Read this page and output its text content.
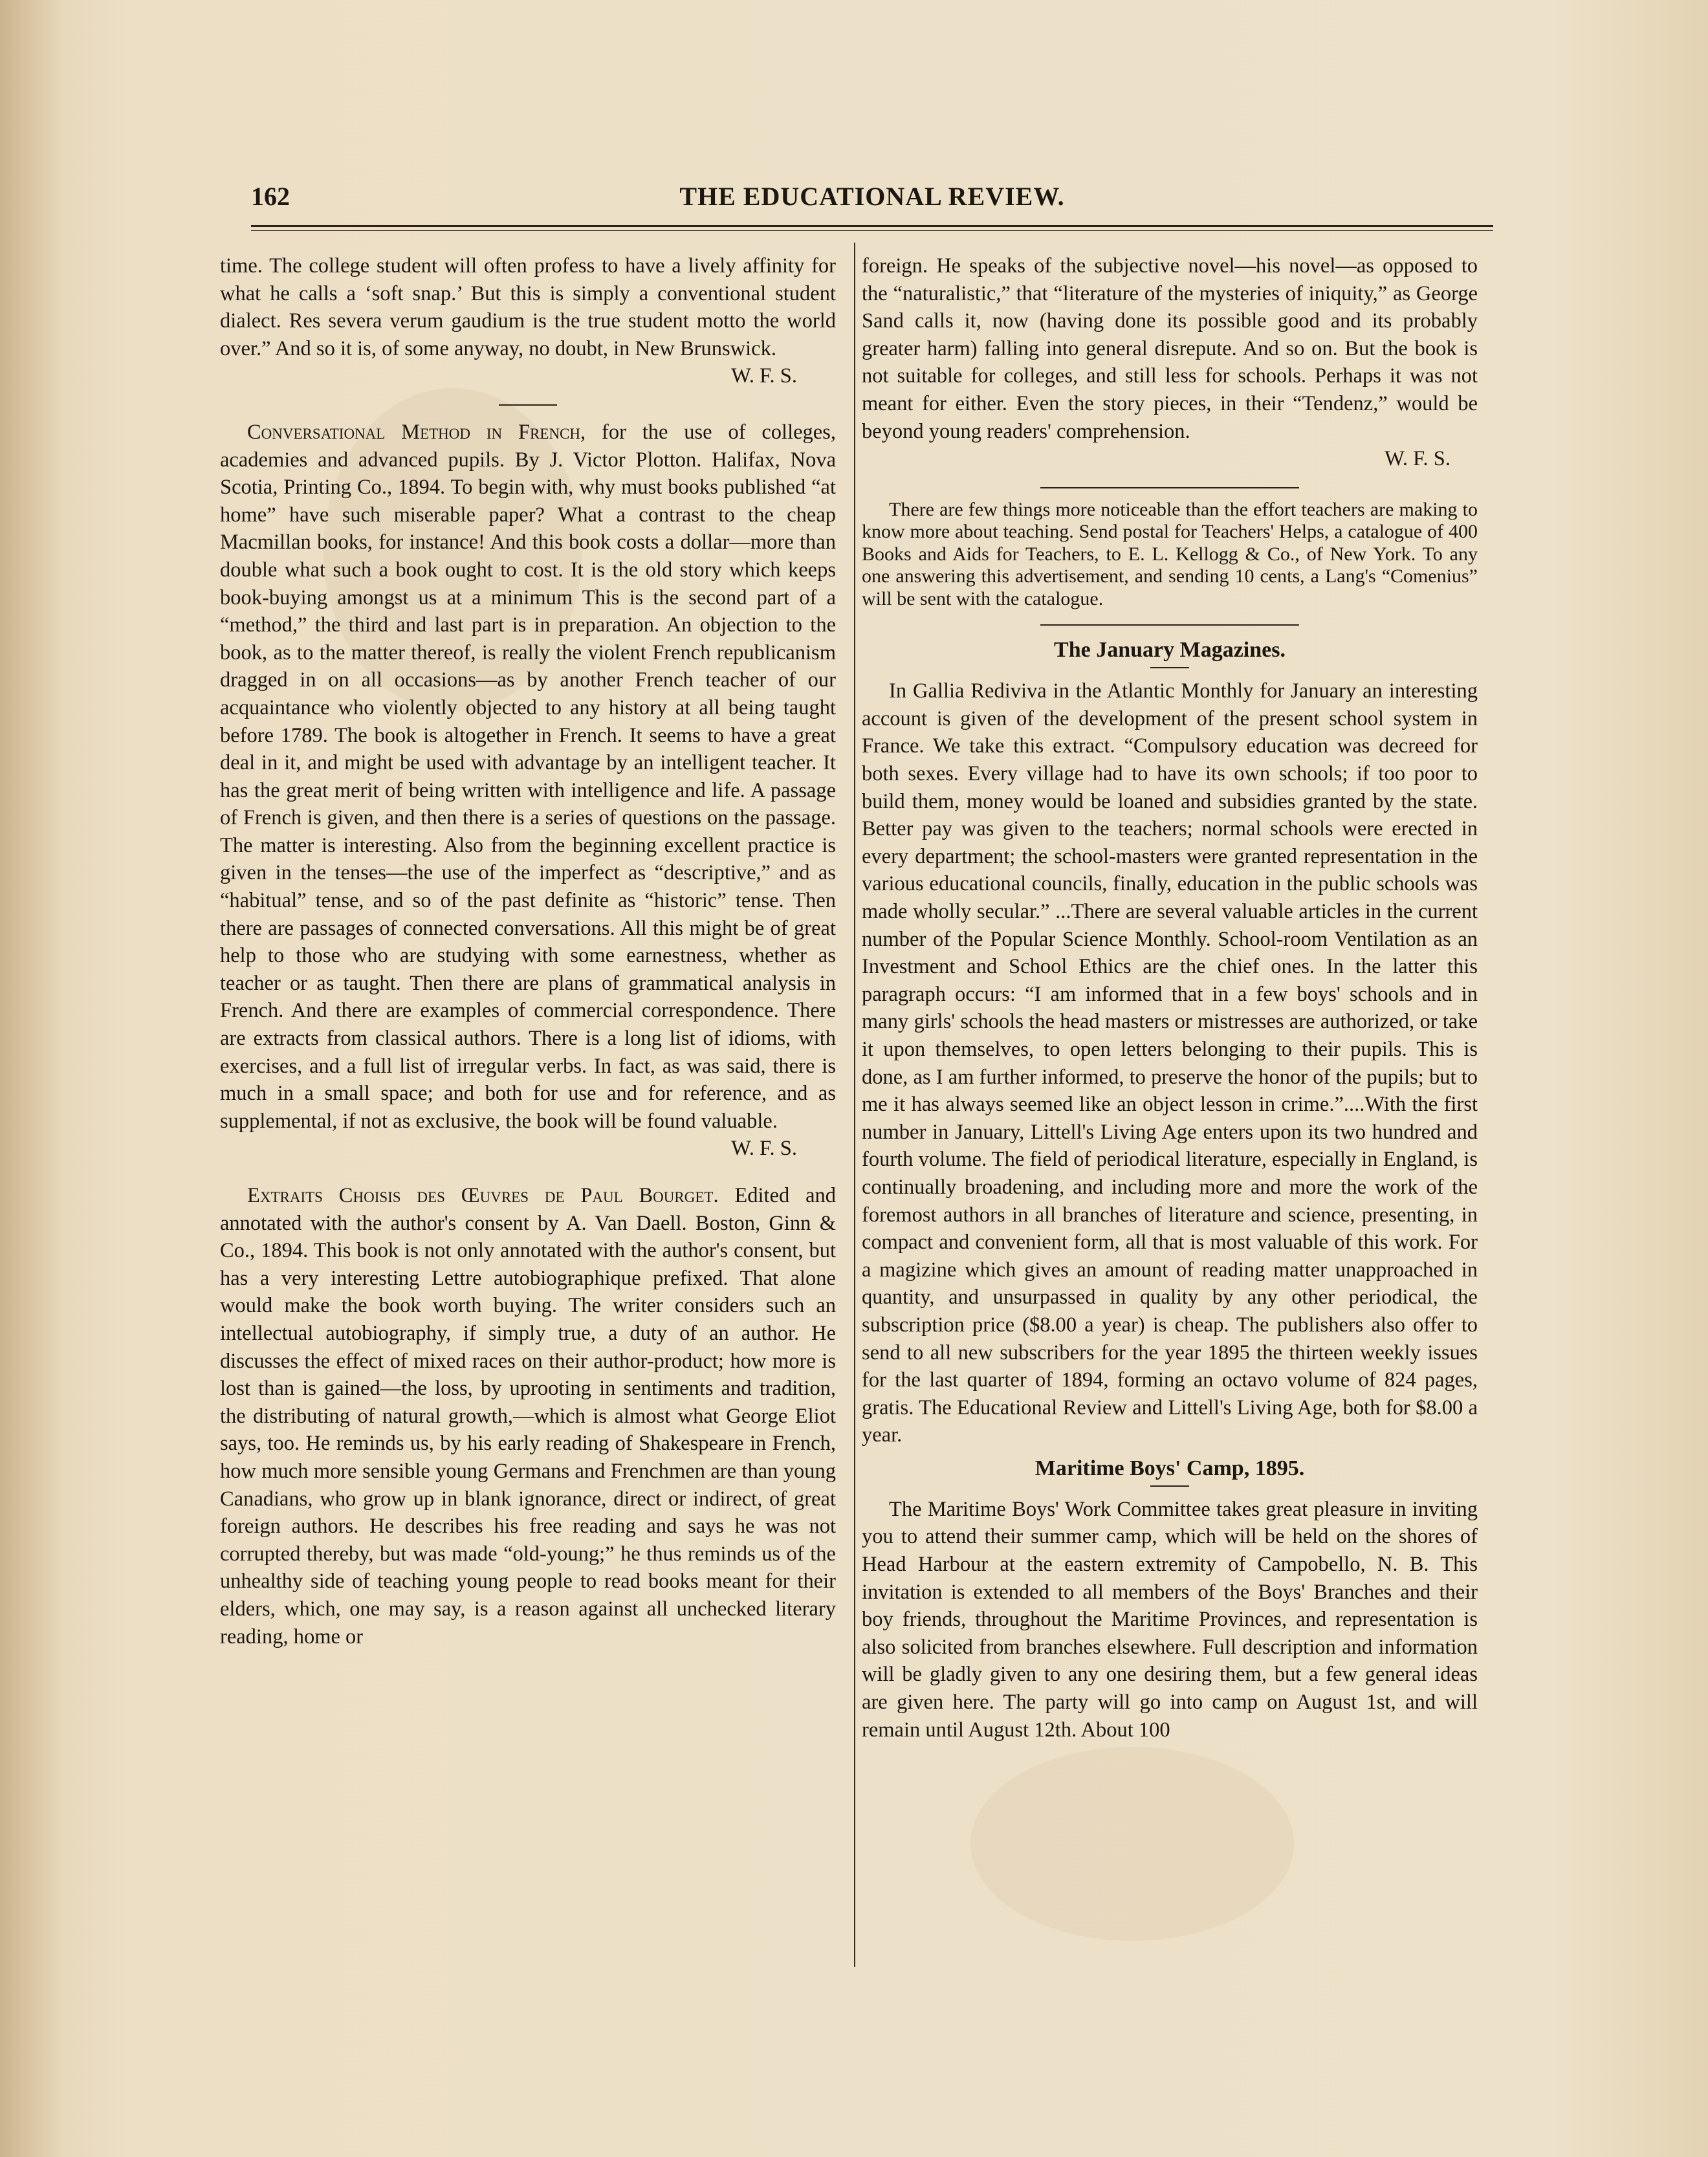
THE EDUCATIONAL REVIEW.
162

time. The college student will often profess to have a lively affinity for what he calls a ‘soft snap.’ But this is simply a conventional student dialect. Res severa verum gaudium is the true student motto the world over.” And so it is, of some anyway, no doubt, in New Brunswick.

W. F. S.

Conversational Method in French, for the use of colleges, academies and advanced pupils. By J. Victor Plotton. Halifax, Nova Scotia, Printing Co., 1894. To begin with, why must books published “at home” have such miserable paper? What a contrast to the cheap Macmillan books, for instance! And this book costs a dollar—more than double what such a book ought to cost. It is the old story which keeps book-buying amongst us at a minimum This is the second part of a “method,” the third and last part is in preparation. An objection to the book, as to the matter thereof, is really the violent French republicanism dragged in on all occasions—as by another French teacher of our acquaintance who violently objected to any history at all being taught before 1789. The book is altogether in French. It seems to have a great deal in it, and might be used with advantage by an intelligent teacher. It has the great merit of being written with intelligence and life. A passage of French is given, and then there is a series of questions on the passage. The matter is interesting. Also from the beginning excellent practice is given in the tenses—the use of the imperfect as “descriptive,” and as “habitual” tense, and so of the past definite as “historic” tense. Then there are passages of connected conversations. All this might be of great help to those who are studying with some earnestness, whether as teacher or as taught. Then there are plans of grammatical analysis in French. And there are examples of commercial correspondence. There are extracts from classical authors. There is a long list of idioms, with exercises, and a full list of irregular verbs. In fact, as was said, there is much in a small space; and both for use and for reference, and as supplemental, if not as exclusive, the book will be found valuable.

W. F. S.

Extraits Choisis des Œuvres de Paul Bourget. Edited and annotated with the author's consent by A. Van Daell. Boston, Ginn & Co., 1894. This book is not only annotated with the author's consent, but has a very interesting Lettre autobiographique prefixed. That alone would make the book worth buying. The writer considers such an intellectual autobiography, if simply true, a duty of an author. He discusses the effect of mixed races on their author-product; how more is lost than is gained—the loss, by uprooting in sentiments and tradition, the distributing of natural growth,—which is almost what George Eliot says, too. He reminds us, by his early reading of Shakespeare in French, how much more sensible young Germans and Frenchmen are than young Canadians, who grow up in blank ignorance, direct or indirect, of great foreign authors. He describes his free reading and says he was not corrupted thereby, but was made “old-young;” he thus reminds us of the unhealthy side of teaching young people to read books meant for their elders, which, one may say, is a reason against all unchecked literary reading, home or

foreign. He speaks of the subjective novel—his novel—as opposed to the “naturalistic,” that “literature of the mysteries of iniquity,” as George Sand calls it, now (having done its possible good and its probably greater harm) falling into general disrepute. And so on. But the book is not suitable for colleges, and still less for schools. Perhaps it was not meant for either. Even the story pieces, in their “Tendenz,” would be beyond young readers' comprehension.

W. F. S.

There are few things more noticeable than the effort teachers are making to know more about teaching. Send postal for Teachers' Helps, a catalogue of 400 Books and Aids for Teachers, to E. L. Kellogg & Co., of New York. To any one answering this advertisement, and sending 10 cents, a Lang's “Comenius” will be sent with the catalogue.

The January Magazines.

In Gallia Rediviva in the Atlantic Monthly for January an interesting account is given of the development of the present school system in France. We take this extract. “Compulsory education was decreed for both sexes. Every village had to have its own schools; if too poor to build them, money would be loaned and subsidies granted by the state. Better pay was given to the teachers; normal schools were erected in every department; the school-masters were granted representation in the various educational councils, finally, education in the public schools was made wholly secular.” ...There are several valuable articles in the current number of the Popular Science Monthly. School-room Ventilation as an Investment and School Ethics are the chief ones. In the latter this paragraph occurs: “I am informed that in a few boys' schools and in many girls' schools the head masters or mistresses are authorized, or take it upon themselves, to open letters belonging to their pupils. This is done, as I am further informed, to preserve the honor of the pupils; but to me it has always seemed like an object lesson in crime.”....With the first number in January, Littell's Living Age enters upon its two hundred and fourth volume. The field of periodical literature, especially in England, is continually broadening, and including more and more the work of the foremost authors in all branches of literature and science, presenting, in compact and convenient form, all that is most valuable of this work. For a magizine which gives an amount of reading matter unapproached in quantity, and unsurpassed in quality by any other periodical, the subscription price ($8.00 a year) is cheap. The publishers also offer to send to all new subscribers for the year 1895 the thirteen weekly issues for the last quarter of 1894, forming an octavo volume of 824 pages, gratis. The Educational Review and Littell's Living Age, both for $8.00 a year.

Maritime Boys' Camp, 1895.

The Maritime Boys' Work Committee takes great pleasure in inviting you to attend their summer camp, which will be held on the shores of Head Harbour at the eastern extremity of Campobello, N. B. This invitation is extended to all members of the Boys' Branches and their boy friends, throughout the Maritime Provinces, and representation is also solicited from branches elsewhere. Full description and information will be gladly given to any one desiring them, but a few general ideas are given here. The party will go into camp on August 1st, and will remain until August 12th. About 100
